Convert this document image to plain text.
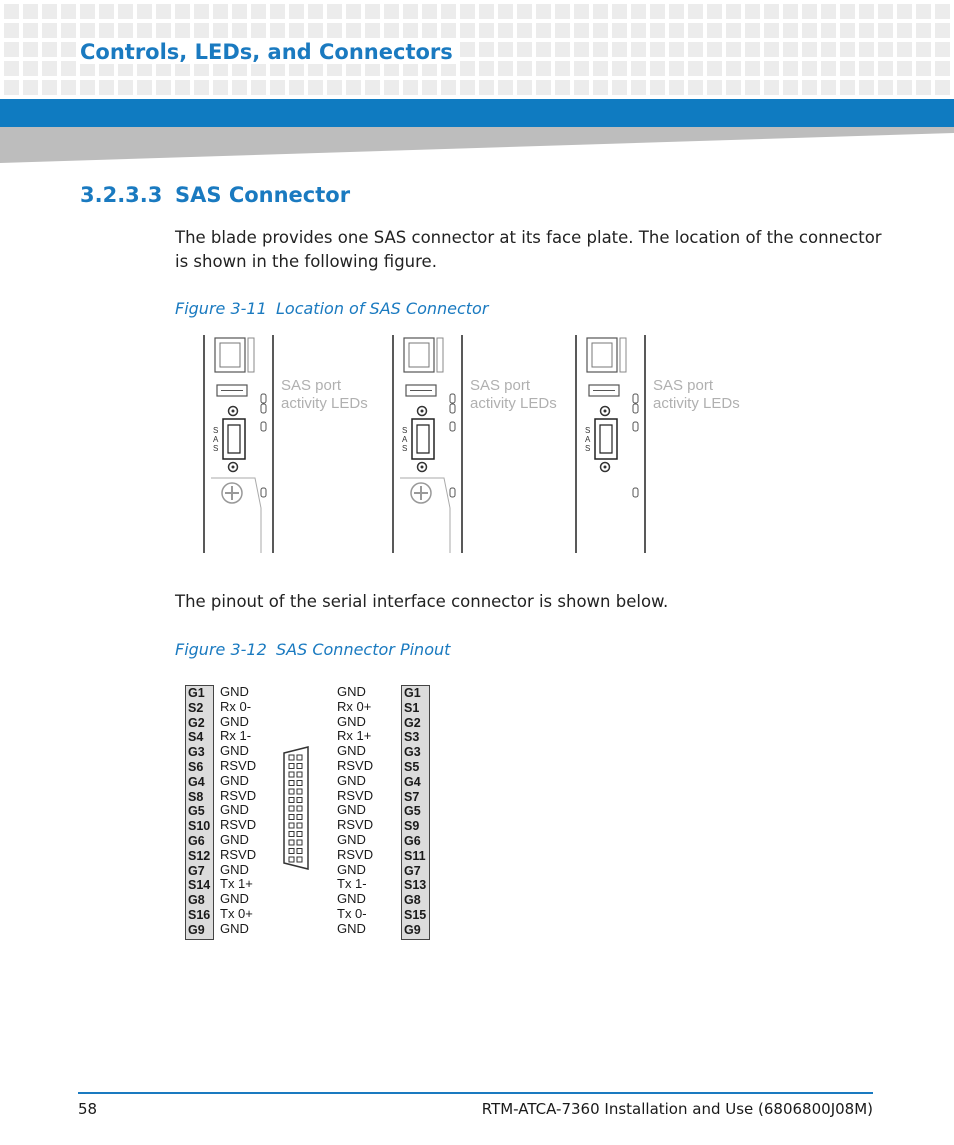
Controls, LEDs, and Connectors
3.2.3.3 SAS Connector
The blade provides one SAS connector at its face plate. The location of the connector is shown in the following figure.
Figure 3-11 Location of SAS Connector
SAS
SAS port
activity LEDs
SAS
SAS port
activity LEDs
SAS
SAS port
activity LEDs
The pinout of the serial interface connector is shown below.
Figure 3-12 SAS Connector Pinout
G1
S2
G2
S4
G3
S6
G4
S8
G5
S10
G6
S12
G7
S14
G8
S16
G9
GND
Rx 0-
GND
Rx 1-
GND
RSVD
GND
RSVD
GND
RSVD
GND
RSVD
GND
Tx 1+
GND
Tx 0+
GND
GND
Rx 0+
GND
Rx 1+
GND
RSVD
GND
RSVD
GND
RSVD
GND
RSVD
GND
Tx 1-
GND
Tx 0-
GND
G1
S1
G2
S3
G3
S5
G4
S7
G5
S9
G6
S11
G7
S13
G8
S15
G9
58	RTM-ATCA-7360 Installation and Use (6806800J08M)
